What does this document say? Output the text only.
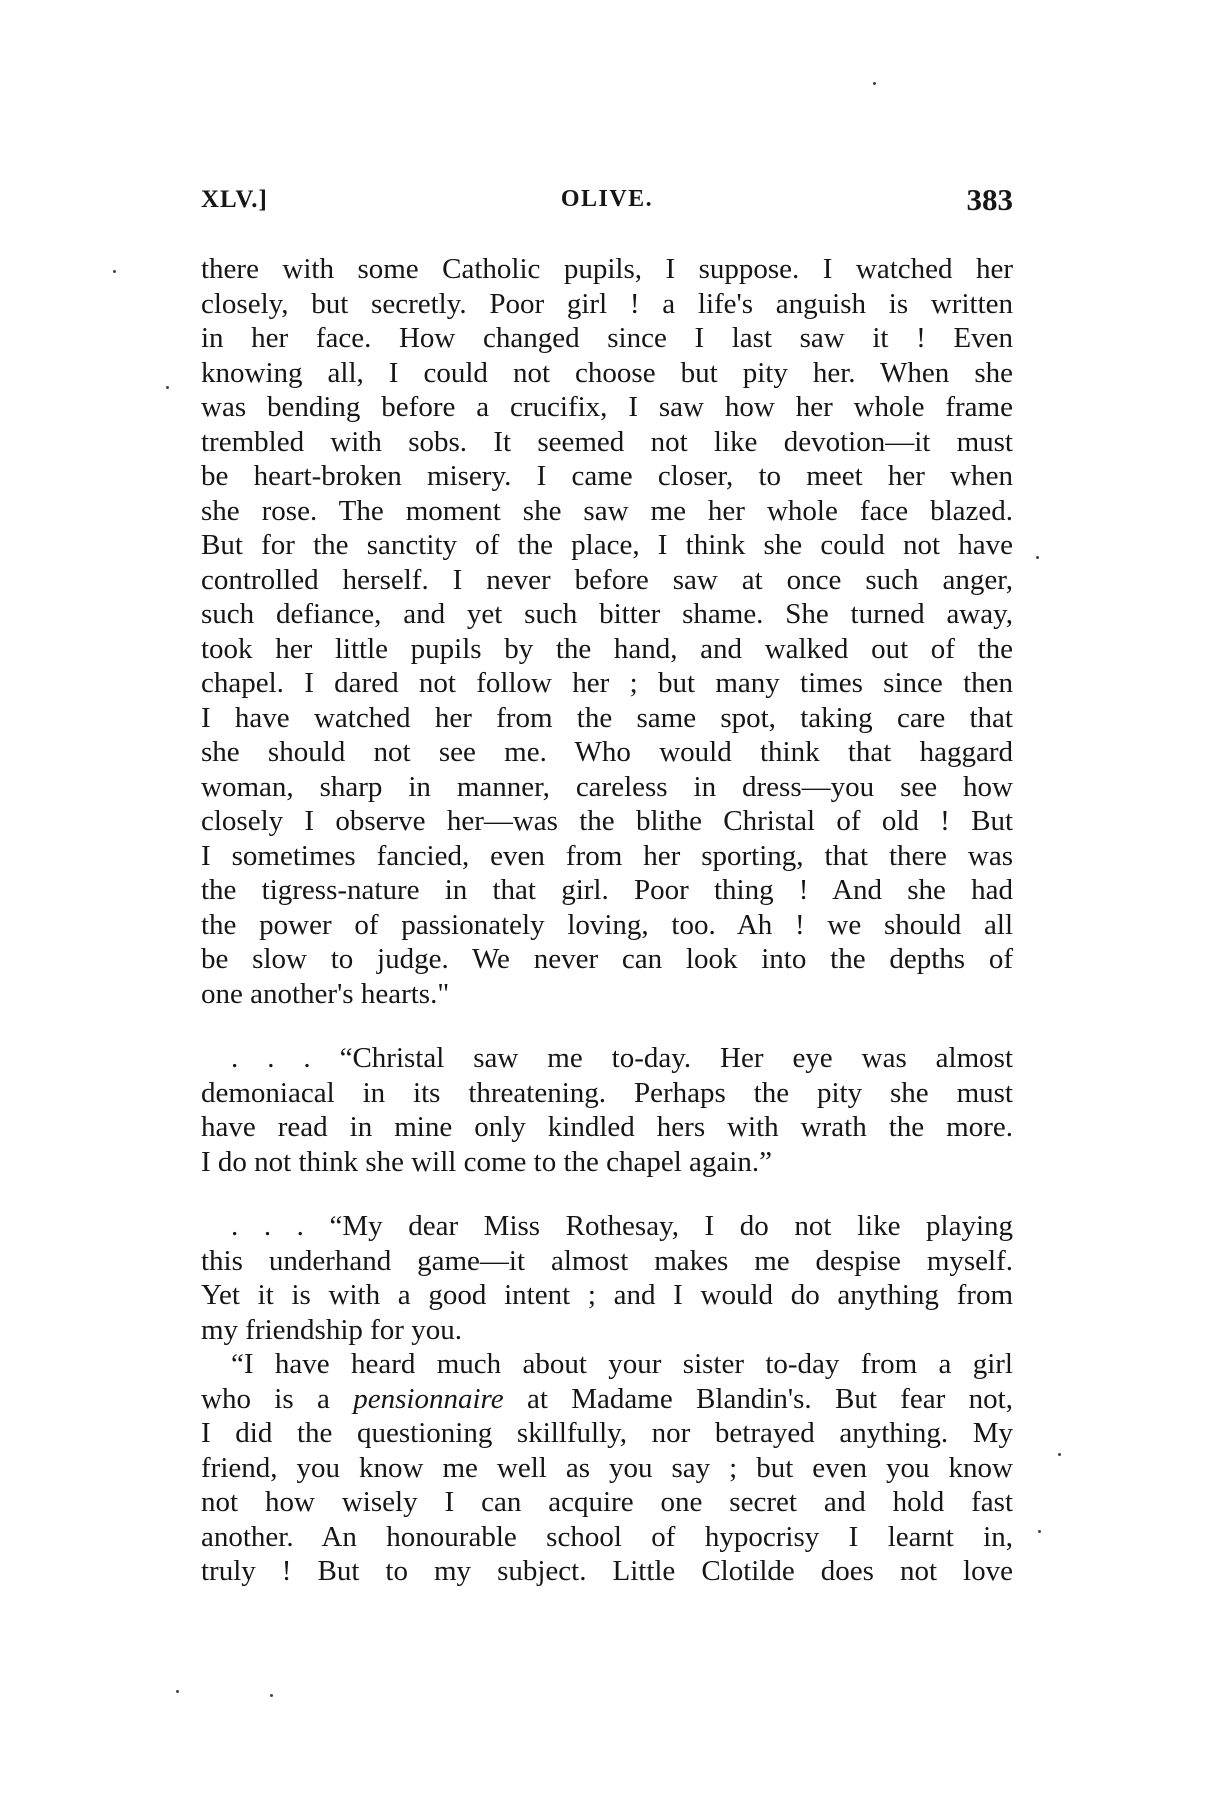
XLV.]	OLIVE.	383
there with some Catholic pupils, I suppose. I watched her
closely, but secretly. Poor girl ! a life's anguish is written
in her face. How changed since I last saw it ! Even
knowing all, I could not choose but pity her. When she
was bending before a crucifix, I saw how her whole frame
trembled with sobs. It seemed not like devotion—it must
be heart-broken misery. I came closer, to meet her when
she rose. The moment she saw me her whole face blazed.
But for the sanctity of the place, I think she could not have
controlled herself. I never before saw at once such anger,
such defiance, and yet such bitter shame. She turned away,
took her little pupils by the hand, and walked out of the
chapel. I dared not follow her ; but many times since then
I have watched her from the same spot, taking care that
she should not see me. Who would think that haggard
woman, sharp in manner, careless in dress—you see how
closely I observe her—was the blithe Christal of old ! But
I sometimes fancied, even from her sporting, that there was
the tigress-nature in that girl. Poor thing ! And she had
the power of passionately loving, too. Ah ! we should all
be slow to judge. We never can look into the depths of
one another's hearts."
. . . “Christal saw me to-day. Her eye was almost
demoniacal in its threatening. Perhaps the pity she must
have read in mine only kindled hers with wrath the more.
I do not think she will come to the chapel again.”
. . . “My dear Miss Rothesay, I do not like playing
this underhand game—it almost makes me despise myself.
Yet it is with a good intent ; and I would do anything from
my friendship for you.
“I have heard much about your sister to-day from a girl
who is a pensionnaire at Madame Blandin's. But fear not,
I did the questioning skillfully, nor betrayed anything. My
friend, you know me well as you say ; but even you know
not how wisely I can acquire one secret and hold fast
another. An honourable school of hypocrisy I learnt in,
truly ! But to my subject. Little Clotilde does not love
